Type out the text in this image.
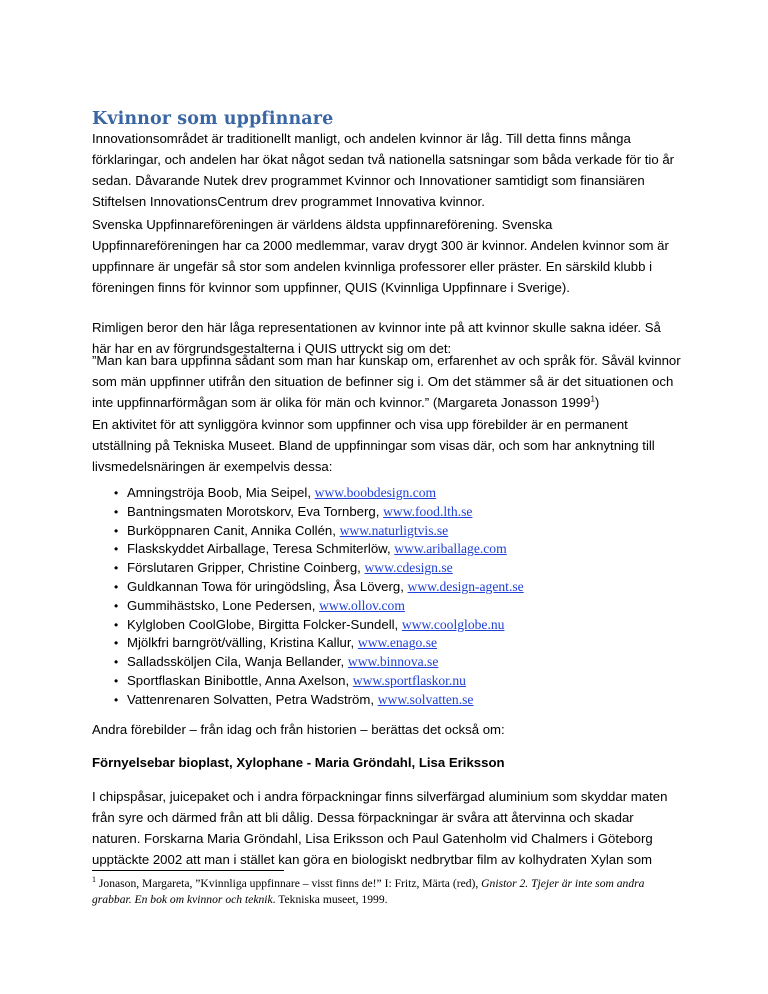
Kvinnor som uppfinnare

Innovationsområdet är traditionellt manligt, och andelen kvinnor är låg. Till detta finns många förklaringar, och andelen har ökat något sedan två nationella satsningar som båda verkade för tio år sedan. Dåvarande Nutek drev programmet Kvinnor och Innovationer samtidigt som finansiären Stiftelsen InnovationsCentrum drev programmet Innovativa kvinnor.

Svenska Uppfinnareföreningen är världens äldsta uppfinnareförening. Svenska Uppfinnareföreningen har ca 2000 medlemmar, varav drygt 300 är kvinnor. Andelen kvinnor som är uppfinnare är ungefär så stor som andelen kvinnliga professorer eller präster. En särskild klubb i föreningen finns för kvinnor som uppfinner, QUIS (Kvinnliga Uppfinnare i Sverige).

Rimligen beror den här låga representationen av kvinnor inte på att kvinnor skulle sakna idéer. Så här har en av förgrundsgestalterna i QUIS uttryckt sig om det:

”Man kan bara uppfinna sådant som man har kunskap om, erfarenhet av och språk för. Såväl kvinnor som män uppfinner utifrån den situation de befinner sig i. Om det stämmer så är det situationen och inte uppfinnarförmågan som är olika för män och kvinnor.” (Margareta Jonasson 1999$^1$)

En aktivitet för att synliggöra kvinnor som uppfinner och visa upp förebilder är en permanent utställning på Tekniska Museet. Bland de uppfinningar som visas där, och som har anknytning till livsmedelsnäringen är exempelvis dessa:

• Amningströja Boob, Mia Seipel, www.boobdesign.com
• Bantningsmaten Morotskorv, Eva Tornberg, www.food.lth.se
• Burköppnaren Canit, Annika Collén, www.naturligtvis.se
• Flaskskyddet Airballage, Teresa Schmiterlöw, www.ariballage.com
• Förslutaren Gripper, Christine Coinberg, www.cdesign.se
• Guldkannan Towa för uringödsling, Åsa Löverg, www.design-agent.se
• Gummihästsko, Lone Pedersen, www.ollov.com
• Kylgloben CoolGlobe, Birgitta Folcker-Sundell, www.coolglobe.nu
• Mjölkfri barngröt/välling, Kristina Kallur, www.enago.se
• Salladssköljen Cila, Wanja Bellander, www.binnova.se
• Sportflaskan Binibottle, Anna Axelson, www.sportflaskor.nu
• Vattenrenaren Solvatten, Petra Wadström, www.solvatten.se

Andra förebilder – från idag och från historien – berättas det också om:

Förnyelsebar bioplast, Xylophane - Maria Gröndahl, Lisa Eriksson

I chipspåsar, juicepaket och i andra förpackningar finns silverfärgad aluminium som skyddar maten från syre och därmed från att bli dålig. Dessa förpackningar är svåra att återvinna och skadar naturen. Forskarna Maria Gröndahl, Lisa Eriksson och Paul Gatenholm vid Chalmers i Göteborg upptäckte 2002 att man i stället kan göra en biologiskt nedbrytbar film av kolhydraten Xylan som

$^1$ Jonason, Margareta, ”Kvinnliga uppfinnare – visst finns de!” I: Fritz, Märta (red), Gnistor 2. Tjejer är inte som andra grabbar. En bok om kvinnor och teknik. Tekniska museet, 1999.
